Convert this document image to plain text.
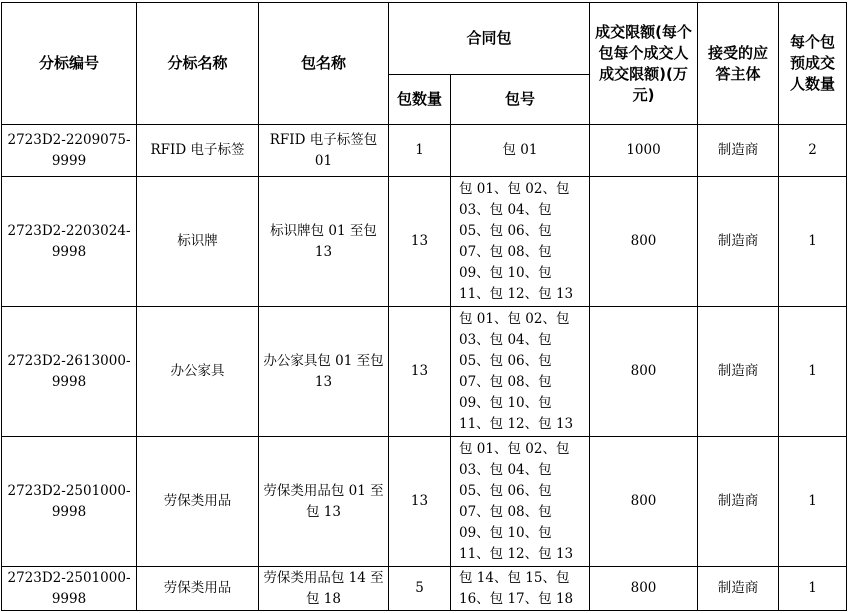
分标编号	分标名称	包名称	合同包		成交限额(每个包每个成交人成交限额)(万元)	接受的应答主体	每个包预成交人数量
			包数量	包号			
2723D2-2209075-9999	RFID 电子标签	RFID 电子标签包 01	1	包 01	1000	制造商	2
2723D2-2203024-9998	标识牌	标识牌包 01 至包 13	13	包 01、包 02、包 03、包 04、包 05、包 06、包 07、包 08、包 09、包 10、包 11、包 12、包 13	800	制造商	1
2723D2-2613000-9998	办公家具	办公家具包 01 至包 13	13	包 01、包 02、包 03、包 04、包 05、包 06、包 07、包 08、包 09、包 10、包 11、包 12、包 13	800	制造商	1
2723D2-2501000-9998	劳保类用品	劳保类用品包 01 至包 13	13	包 01、包 02、包 03、包 04、包 05、包 06、包 07、包 08、包 09、包 10、包 11、包 12、包 13	800	制造商	1
2723D2-2501000-9998	劳保类用品	劳保类用品包 14 至包 18	5	包 14、包 15、包 16、包 17、包 18	800	制造商	1
